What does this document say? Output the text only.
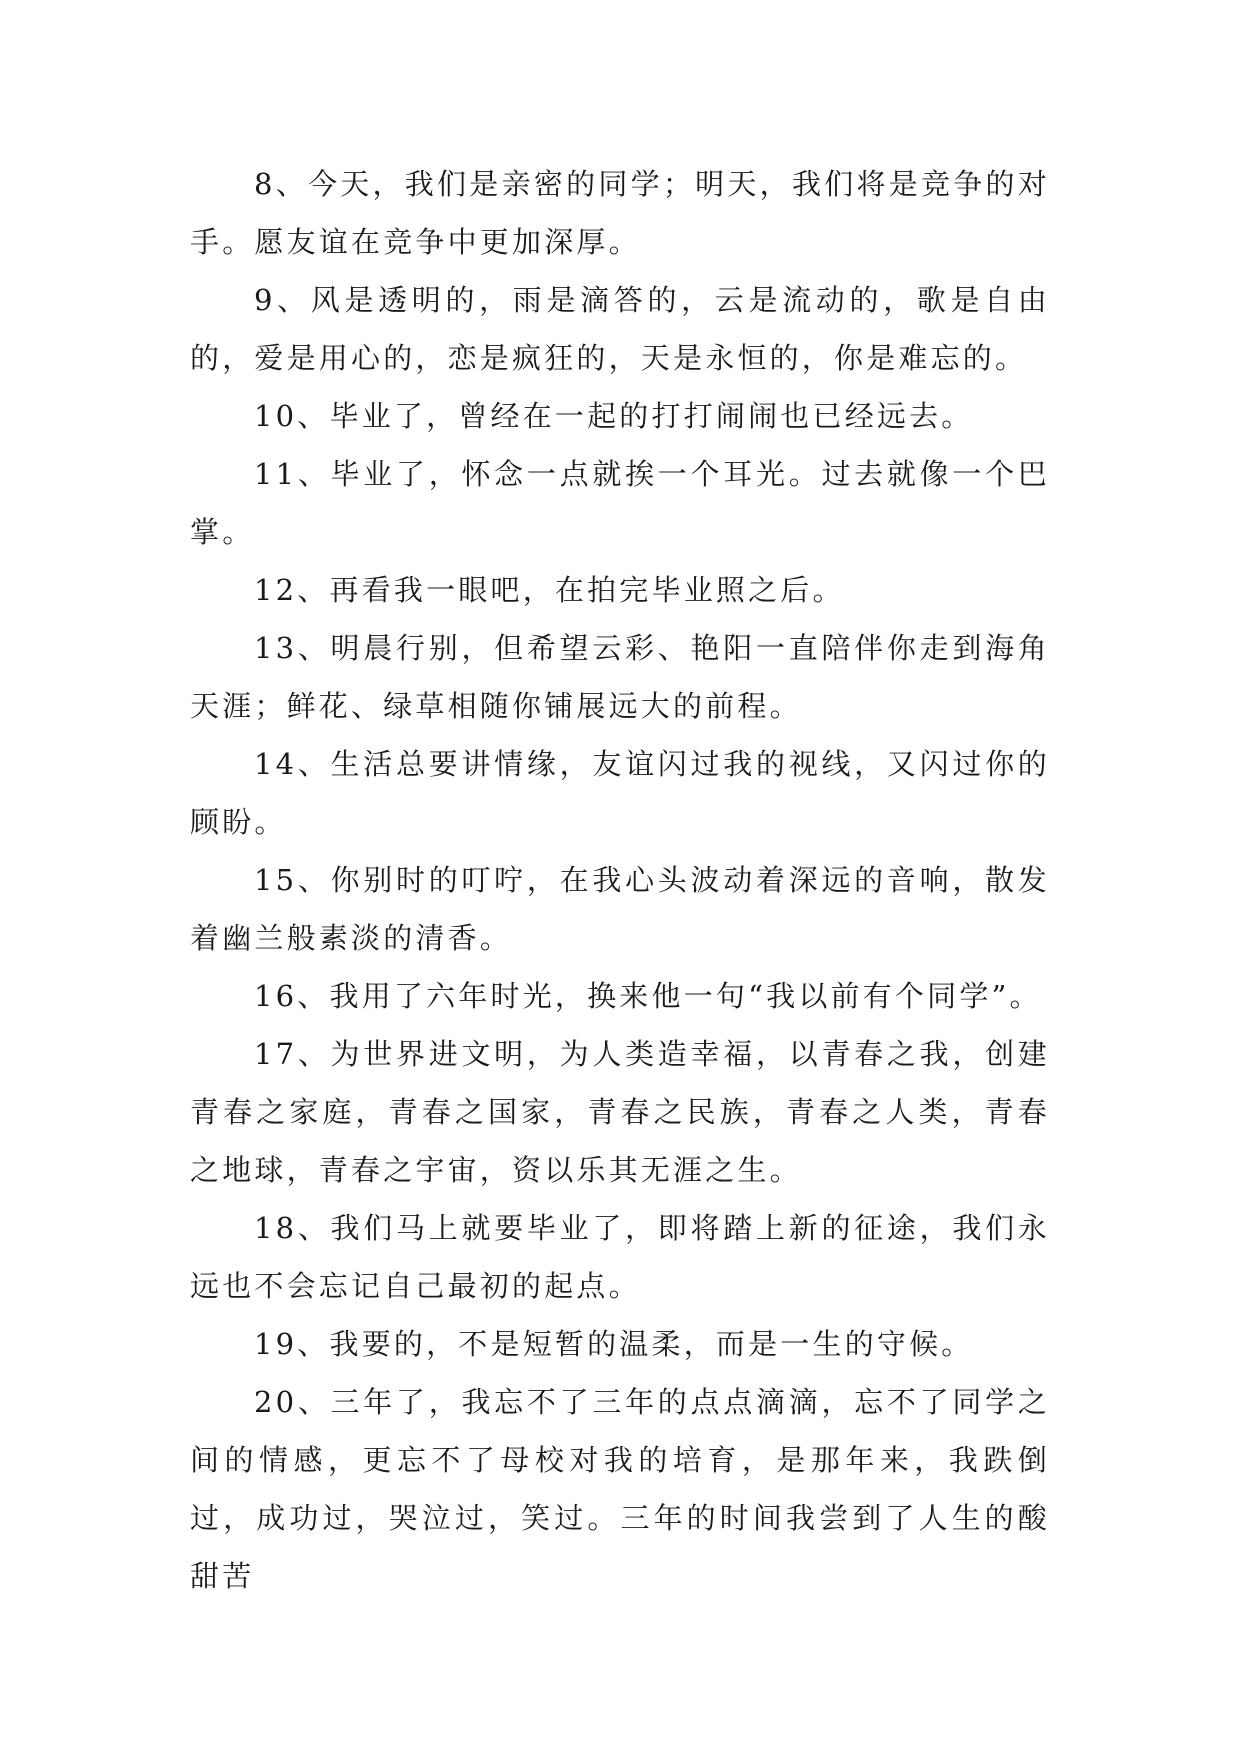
8、今天，我们是亲密的同学；明天，我们将是竞争的对手。愿友谊在竞争中更加深厚。

9、风是透明的，雨是滴答的，云是流动的，歌是自由的，爱是用心的，恋是疯狂的，天是永恒的，你是难忘的。

10、毕业了，曾经在一起的打打闹闹也已经远去。

11、毕业了，怀念一点就挨一个耳光。过去就像一个巴掌。

12、再看我一眼吧，在拍完毕业照之后。

13、明晨行别，但希望云彩、艳阳一直陪伴你走到海角天涯；鲜花、绿草相随你铺展远大的前程。

14、生活总要讲情缘，友谊闪过我的视线，又闪过你的顾盼。

15、你别时的叮咛，在我心头波动着深远的音响，散发着幽兰般素淡的清香。

16、我用了六年时光，换来他一句“我以前有个同学”。

17、为世界进文明，为人类造幸福，以青春之我，创建青春之家庭，青春之国家，青春之民族，青春之人类，青春之地球，青春之宇宙，资以乐其无涯之生。

18、我们马上就要毕业了，即将踏上新的征途，我们永远也不会忘记自己最初的起点。

19、我要的，不是短暂的温柔，而是一生的守候。

20、三年了，我忘不了三年的点点滴滴，忘不了同学之间的情感，更忘不了母校对我的培育，是那年来，我跌倒过，成功过，哭泣过，笑过。三年的时间我尝到了人生的酸甜苦
